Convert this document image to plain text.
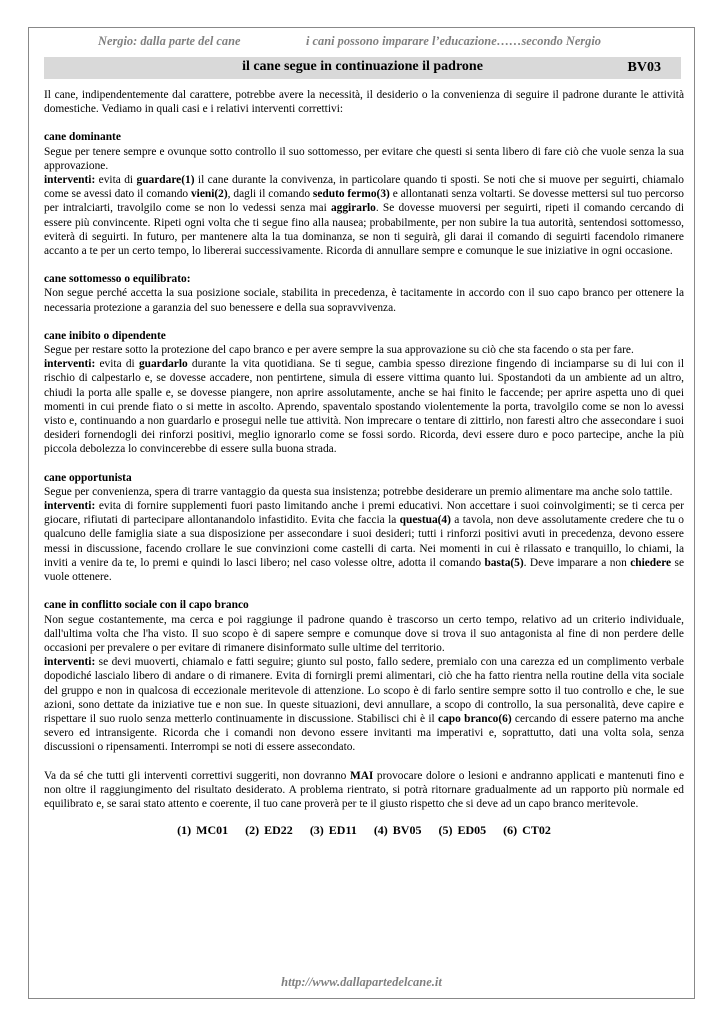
Nergio: dalla parte del cane	i cani possono imparare l’educazione……secondo Nergio
il cane segue in continuazione il padrone	BV03

Il cane, indipendentemente dal carattere, potrebbe avere la necessità, il desiderio o la convenienza di seguire il padrone durante le attività domestiche. Vediamo in quali casi e i relativi interventi correttivi:

cane dominante

Segue per tenere sempre e ovunque sotto controllo il suo sottomesso, per evitare che questi si senta libero di fare ciò che vuole senza la sua approvazione.

interventi: evita di guardare(1) il cane durante la convivenza, in particolare quando ti sposti. Se noti che si muove per seguirti, chiamalo come se avessi dato il comando vieni(2), dagli il comando seduto fermo(3) e allontanati senza voltarti. Se dovesse mettersi sul tuo percorso per intralciarti, travolgilo come se non lo vedessi senza mai aggirarlo. Se dovesse muoversi per seguirti, ripeti il comando cercando di essere più convincente. Ripeti ogni volta che ti segue fino alla nausea; probabilmente, per non subire la tua autorità, sentendosi sottomesso, eviterà di seguirti. In futuro, per mantenere alta la tua dominanza, se non ti seguirà, gli darai il comando di seguirti facendolo rimanere accanto a te per un certo tempo, lo libererai successivamente. Ricorda di annullare sempre e comunque le sue iniziative in ogni occasione.

cane sottomesso o equilibrato:

Non segue perché accetta la sua posizione sociale, stabilita in precedenza, è tacitamente in accordo con il suo capo branco per ottenere la necessaria protezione a garanzia del suo benessere e della sua sopravvivenza.

cane inibito o dipendente

Segue per restare sotto la protezione del capo branco e per avere sempre la sua approvazione su ciò che sta facendo o sta per fare.

interventi: evita di guardarlo durante la vita quotidiana. Se ti segue, cambia spesso direzione fingendo di inciamparse su di lui con il rischio di calpestarlo e, se dovesse accadere, non pentirtene, simula di essere vittima quanto lui. Spostandoti da un ambiente ad un altro, chiudi la porta alle spalle e, se dovesse piangere, non aprire assolutamente, anche se hai finito le faccende; per aprire aspetta uno di quei momenti in cui prende fiato o si mette in ascolto. Aprendo, spaventalo spostando violentemente la porta, travolgilo come se non lo avessi visto e, continuando a non guardarlo e prosegui nelle tue attività. Non imprecare o tentare di zittirlo, non faresti altro che assecondare i suoi desideri fornendogli dei rinforzi positivi, meglio ignorarlo come se fossi sordo. Ricorda, devi essere duro e poco partecipe, anche la più piccola debolezza lo convincerebbe di essere sulla buona strada.

cane opportunista

Segue per convenienza, spera di trarre vantaggio da questa sua insistenza; potrebbe desiderare un premio alimentare ma anche solo tattile.

interventi: evita di fornire supplementi fuori pasto limitando anche i premi educativi. Non accettare i suoi coinvolgimenti; se ti cerca per giocare, rifiutati di partecipare allontanandolo infastidito. Evita che faccia la questua(4) a tavola, non deve assolutamente credere che tu o qualcuno delle famiglia siate a sua disposizione per assecondare i suoi desideri; tutti i rinforzi positivi avuti in precedenza, devono essere messi in discussione, facendo crollare le sue convinzioni come castelli di carta. Nei momenti in cui è rilassato e tranquillo, lo chiami, la inviti a venire da te, lo premi e quindi lo lasci libero; nel caso volesse oltre, adotta il comando basta(5). Deve imparare a non chiedere se vuole ottenere.

cane in conflitto sociale con il capo branco

Non segue costantemente, ma cerca e poi raggiunge il padrone quando è trascorso un certo tempo, relativo ad un criterio individuale, dall'ultima volta che l'ha visto. Il suo scopo è di sapere sempre e comunque dove si trova il suo antagonista al fine di non perdere delle occasioni per prevalere o per evitare di rimanere disinformato sulle ultime del territorio.

interventi: se devi muoverti, chiamalo e fatti seguire; giunto sul posto, fallo sedere, premialo con una carezza ed un complimento verbale dopodiché lascialo libero di andare o di rimanere. Evita di fornirgli premi alimentari, ciò che ha fatto rientra nella routine della vita sociale del gruppo e non in qualcosa di eccezionale meritevole di attenzione. Lo scopo è di farlo sentire sempre sotto il tuo controllo e che, le sue azioni, sono dettate da iniziative tue e non sue. In queste situazioni, devi annullare, a scopo di controllo, la sua personalità, deve capire e rispettare il suo ruolo senza metterlo continuamente in discussione. Stabilisci chi è il capo branco(6) cercando di essere paterno ma anche severo ed intransigente. Ricorda che i comandi non devono essere invitanti ma imperativi e, soprattutto, dati una volta sola, senza discussioni o ripensamenti. Interrompi se noti di essere assecondato.

Va da sé che tutti gli interventi correttivi suggeriti, non dovranno MAI provocare dolore o lesioni e andranno applicati e mantenuti fino e non oltre il raggiungimento del risultato desiderato. A problema rientrato, si potrà ritornare gradualmente ad un rapporto più normale ed equilibrato e, se sarai stato attento e coerente, il tuo cane proverà per te il giusto rispetto che si deve ad un capo branco meritevole.

(1) MC01 (2) ED22 (3) ED11 (4) BV05 (5) ED05 (6) CT02
http://www.dallapartedelcane.it
